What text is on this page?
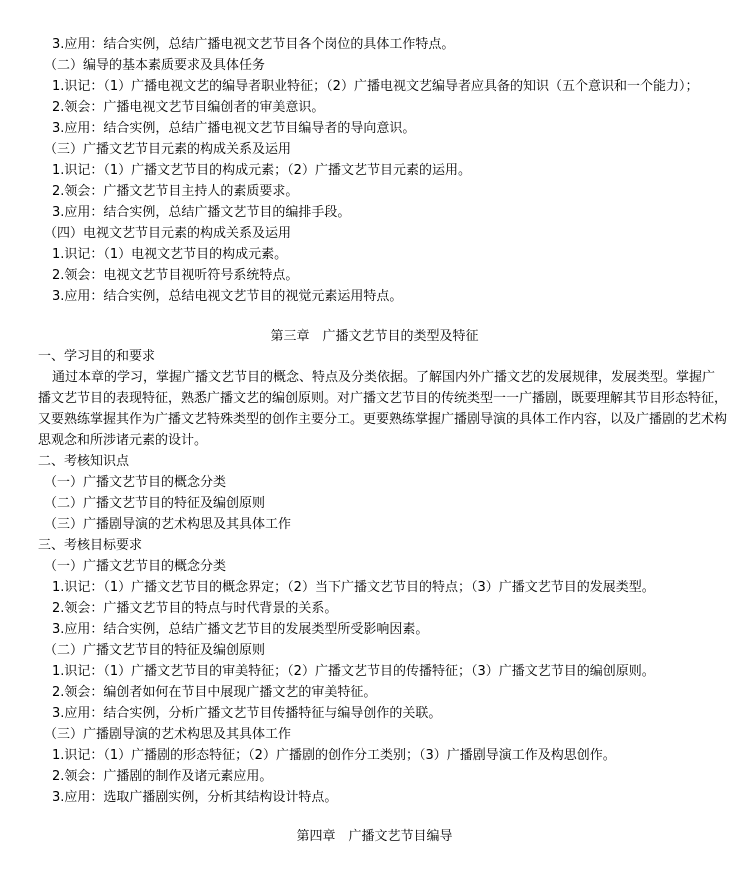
3.应用：结合实例，总结广播电视文艺节目各个岗位的具体工作特点。
（二）编导的基本素质要求及具体任务
1.识记：（1）广播电视文艺的编导者职业特征；（2）广播电视文艺编导者应具备的知识（五个意识和一个能力）；
2.领会：广播电视文艺节目编创者的审美意识。
3.应用：结合实例，总结广播电视文艺节目编导者的导向意识。
（三）广播文艺节目元素的构成关系及运用
1.识记：（1）广播文艺节目的构成元素；（2）广播文艺节目元素的运用。
2.领会：广播文艺节目主持人的素质要求。
3.应用：结合实例，总结广播文艺节目的编排手段。
（四）电视文艺节目元素的构成关系及运用
1.识记：（1）电视文艺节目的构成元素。
2.领会：电视文艺节目视听符号系统特点。
3.应用：结合实例，总结电视文艺节目的视觉元素运用特点。
第三章　广播文艺节目的类型及特征
一、学习目的和要求
通过本章的学习，掌握广播文艺节目的概念、特点及分类依据。了解国内外广播文艺的发展规律，发展类型。掌握广
播文艺节目的表现特征，熟悉广播文艺的编创原则。对广播文艺节目的传统类型一一广播剧，既要理解其节目形态特征，
又要熟练掌握其作为广播文艺特殊类型的创作主要分工。更要熟练掌握广播剧导演的具体工作内容，以及广播剧的艺术构
思观念和所涉诸元素的设计。
二、考核知识点
（一）广播文艺节目的概念分类
（二）广播文艺节目的特征及编创原则
（三）广播剧导演的艺术构思及其具体工作
三、考核目标要求
（一）广播文艺节目的概念分类
1.识记：（1）广播文艺节目的概念界定；（2）当下广播文艺节目的特点；（3）广播文艺节目的发展类型。
2.领会：广播文艺节目的特点与时代背景的关系。
3.应用：结合实例，总结广播文艺节目的发展类型所受影响因素。
（二）广播文艺节目的特征及编创原则
1.识记：（1）广播文艺节目的审美特征；（2）广播文艺节目的传播特征；（3）广播文艺节目的编创原则。
2.领会：编创者如何在节目中展现广播文艺的审美特征。
3.应用：结合实例，分析广播文艺节目传播特征与编导创作的关联。
（三）广播剧导演的艺术构思及其具体工作
1.识记：（1）广播剧的形态特征；（2）广播剧的创作分工类别；（3）广播剧导演工作及构思创作。
2.领会：广播剧的制作及诸元素应用。
3.应用：选取广播剧实例，分析其结构设计特点。
第四章　广播文艺节目编导
